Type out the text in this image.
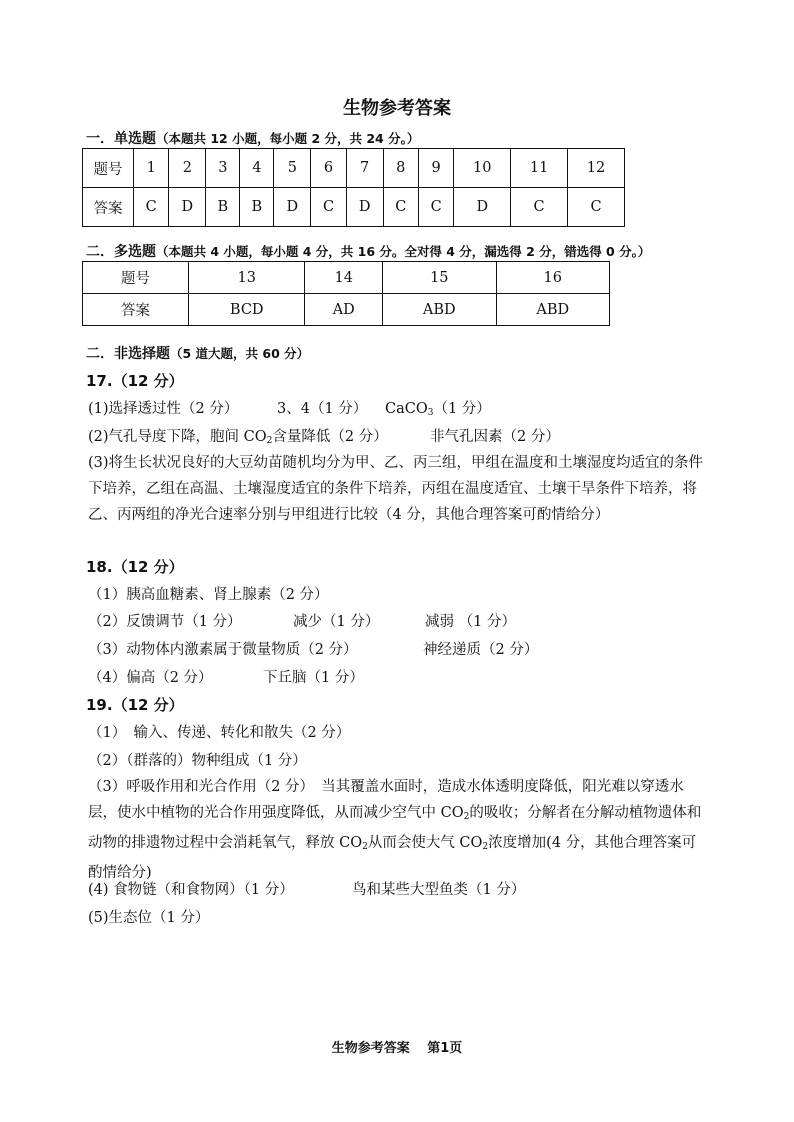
生物参考答案
一．单选题（本题共 12 小题，每小题 2 分，共 24 分。）
题号	1	2	3	4	5	6	7	8	9	10	11	12
答案	C	D	B	B	D	C	D	C	C	D	C	C
二．多选题（本题共 4 小题，每小题 4 分，共 16 分。全对得 4 分，漏选得 2 分，错选得 0 分。）
题号	13	14	15	16
答案	BCD	AD	ABD	ABD
二．非选择题（5 道大题，共 60 分）
17.（12 分）
(1)选择透过性（2 分）	3、4（1 分） CaCO$_3$（1 分）
(2)气孔导度下降，胞间 $CO_2$含量降低（2 分）	非气孔因素（2 分）
(3)将生长状况良好的大豆幼苗随机均分为甲、乙、丙三组，甲组在温度和土壤湿度均适宜的条件下培养，乙组在高温、土壤湿度适宜的条件下培养，丙组在温度适宜、土壤干旱条件下培养，将乙、丙两组的净光合速率分别与甲组进行比较（4 分，其他合理答案可酌情给分）
18.（12 分）
（1）胰高血糖素、肾上腺素（2 分）
（2）反馈调节（1 分）	减少（1 分）	减弱 （1 分）
（3）动物体内激素属于微量物质（2 分）	神经递质（2 分）
（4）偏高（2 分）	下丘脑（1 分）
19.（12 分）
（1）　输入、传递、转化和散失（2 分）
（2）（群落的）物种组成（1 分）
（3）呼吸作用和光合作用（2 分）　当其覆盖水面时，造成水体透明度降低，阳光难以穿透水层，使水中植物的光合作用强度降低，从而减少空气中 $CO_2$的吸收；分解者在分解动植物遗体和动物的排遗物过程中会消耗氧气，释放 $CO_2$从而会使大气 $CO_2$浓度增加(4 分，其他合理答案可酌情给分)
(4) 食物链（和食物网）（1 分）	鸟和某些大型鱼类（1 分）
(5)生态位（1 分）
生物参考答案　 第1页
